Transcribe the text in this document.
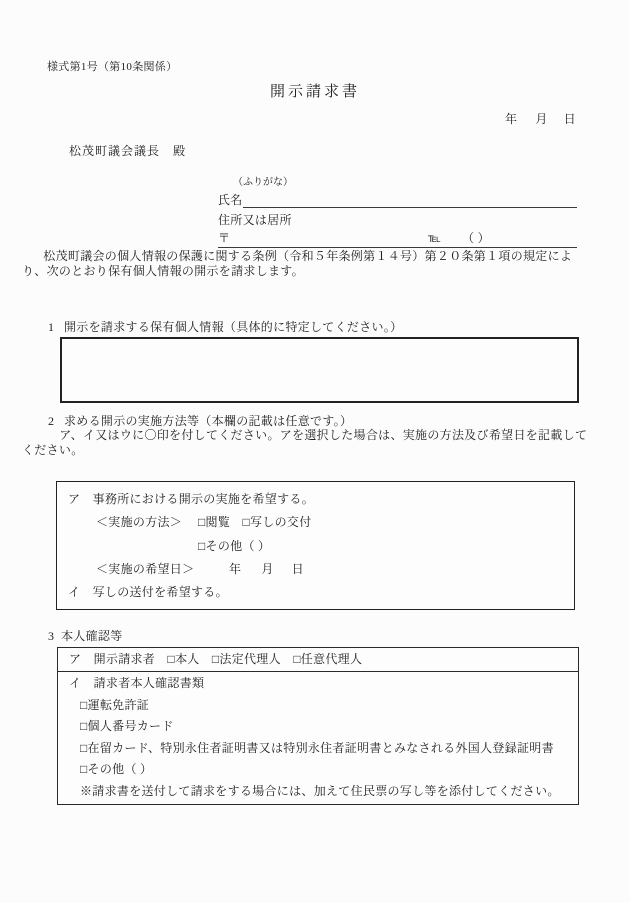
様式第1号（第10条関係）
開示請求書
年 月 日
松茂町議会議長　殿
（ふりがな）
氏名
住所又は居所
〒	℡ （ ）
　松茂町議会の個人情報の保護に関する条例（令和５年条例第１４号）第２０条第１項の規定によ
り、次のとおり保有個人情報の開示を請求します。
1 開示を請求する保有個人情報（具体的に特定してください。）
2 求める開示の実施方法等（本欄の記載は任意です。）
　ア、イ又はウに〇印を付してください。アを選択した場合は、実施の方法及び希望日を記載して
ください。
ア　事務所における開示の実施を希望する。
＜実施の方法＞ □閲覧　□写しの交付
□その他（ ）
＜実施の希望日＞	年 月 日
イ　写しの送付を希望する。
3 本人確認等
ア　開示請求者　□本人　□法定代理人　□任意代理人
イ　請求者本人確認書類
□運転免許証
□個人番号カード
□在留カード、特別永住者証明書又は特別永住者証明書とみなされる外国人登録証明書
□その他（ ）
※請求書を送付して請求をする場合には、加えて住民票の写し等を添付してください。
